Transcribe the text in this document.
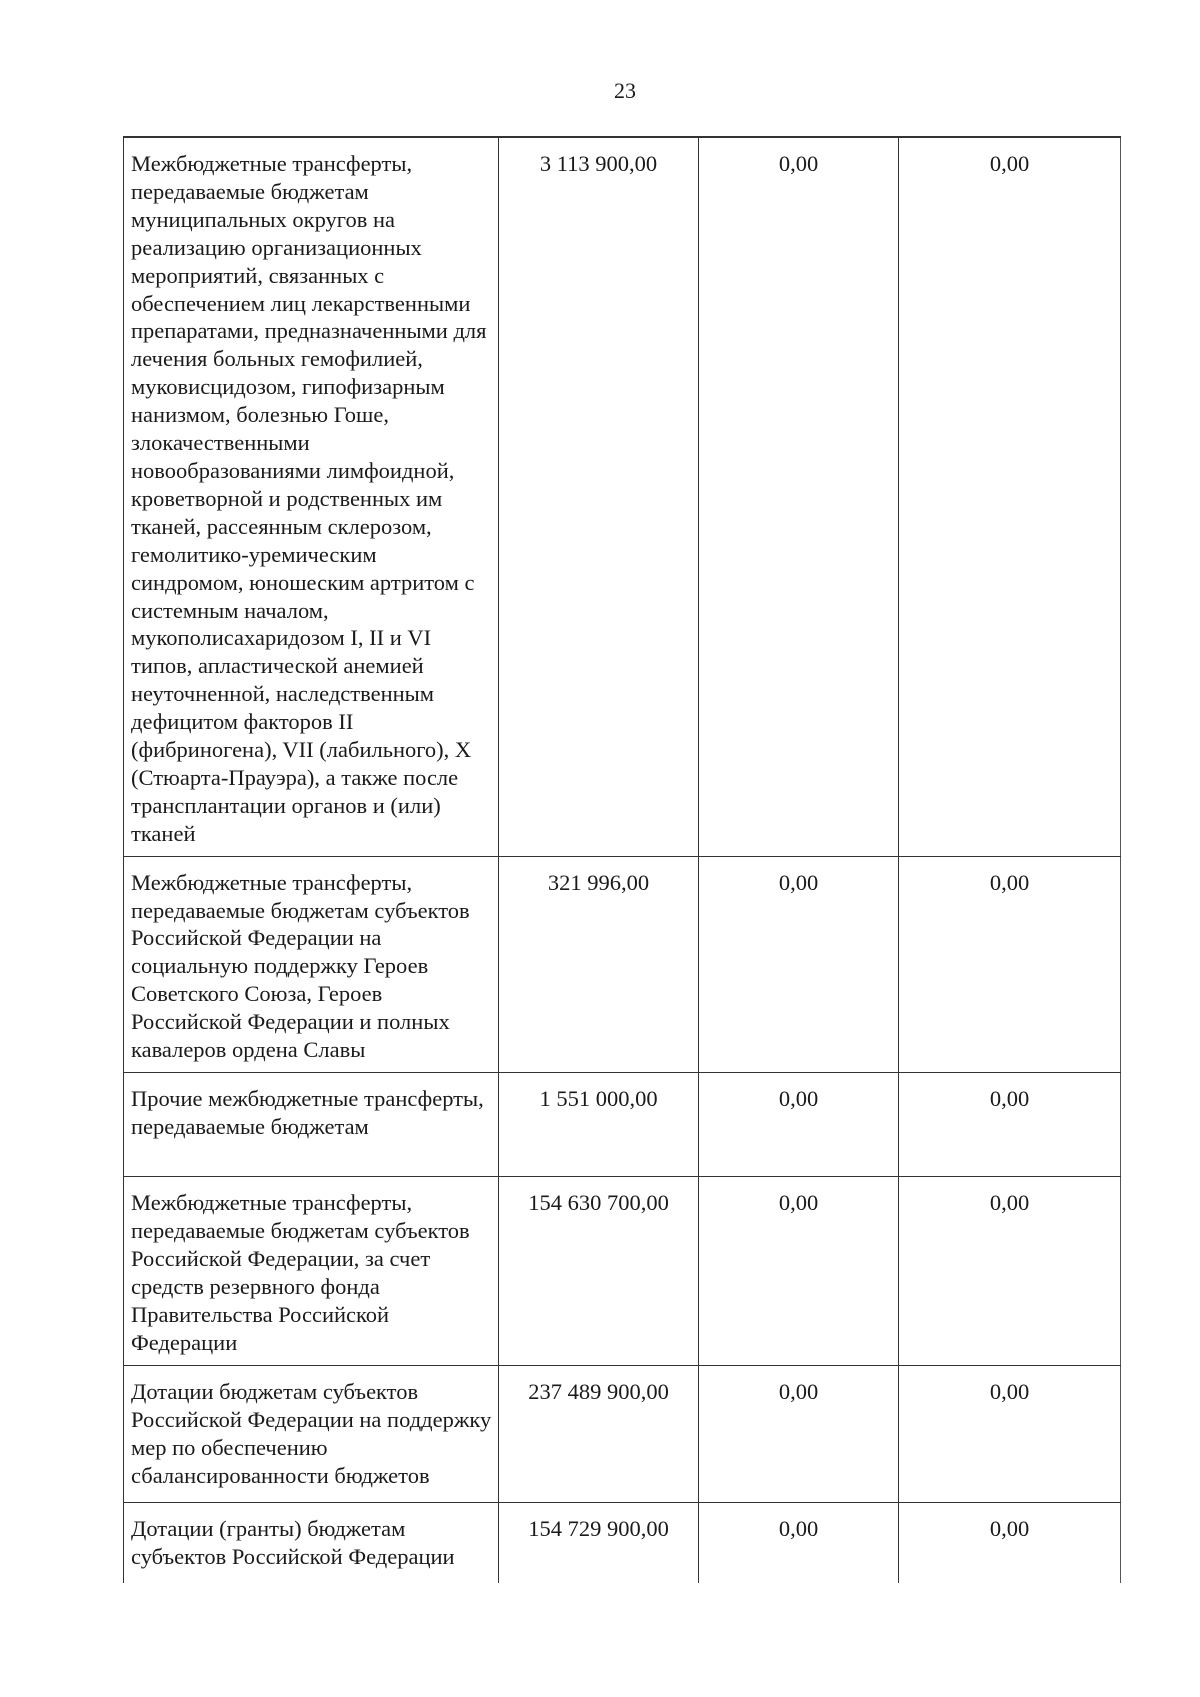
23
Межбюджетные трансферты, передаваемые бюджетам муниципальных округов на реализацию организационных мероприятий, связанных с обеспечением лиц лекарственными препаратами, предназначенными для лечения больных гемофилией, муковисцидозом, гипофизарным нанизмом, болезнью Гоше, злокачественными новообразованиями лимфоидной, кроветворной и родственных им тканей, рассеянным склерозом, гемолитико-уремическим синдромом, юношеским артритом с системным началом, мукополисахаридозом I, II и VI типов, апластической анемией неуточненной, наследственным дефицитом факторов II (фибриногена), VII (лабильного), X (Стюарта-Прауэра), а также после трансплантации органов и (или) тканей	3 113 900,00	0,00	0,00
Межбюджетные трансферты, передаваемые бюджетам субъектов Российской Федерации на социальную поддержку Героев Советского Союза, Героев Российской Федерации и полных кавалеров ордена Славы	321 996,00	0,00	0,00
Прочие межбюджетные трансферты, передаваемые бюджетам	1 551 000,00	0,00	0,00
Межбюджетные трансферты, передаваемые бюджетам субъектов Российской Федерации, за счет средств резервного фонда Правительства Российской Федерации	154 630 700,00	0,00	0,00
Дотации бюджетам субъектов Российской Федерации на поддержку мер по обеспечению сбалансированности бюджетов	237 489 900,00	0,00	0,00
Дотации (гранты) бюджетам субъектов Российской Федерации	154 729 900,00	0,00	0,00
